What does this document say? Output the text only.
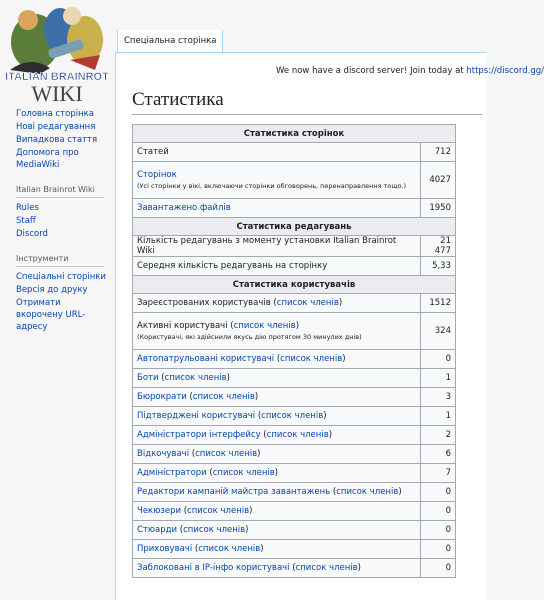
ITALIAN BRAINROT
WIKI
Головна сторінка
Нові редагування
Випадкова стаття
Допомога про MediaWiki
Italian Brainrot Wiki
Rules
Staff
Discord
Інструменти
Спеціальні сторінки
Версія до друку
Отримати вкорочену URL-адресу
Спеціальна сторінка
We now have a discord server! Join today at https://discord.gg/
Статистика
Статистика сторінок	
Статей	712
Сторінок
(Усі сторінки у вікі, включаючи сторінки обговорень, перенаправлення тощо.)	4027
Завантажено файлів	1950
Статистика редагувань	
Кількість редагувань з моменту установки Italian Brainrot Wiki	21 477
Середня кількість редагувань на сторінку	5,33
Статистика користувачів	
Зареєстрованих користувачів (список членів)	1512
Активні користувачі (список членів)
(Користувачі, які здійснили якусь дію протягом 30 минулих днів)	324
Автопатрульовані користувачі (список членів)	0
Боти (список членів)	1
Бюрократи (список членів)	3
Підтверджені користувачі (список членів)	1
Адміністратори інтерфейсу (список членів)	2
Відкочувачі (список членів)	6
Адміністратори (список членів)	7
Редактори кампаній майстра завантажень (список членів)	0
Чекюзери (список членів)	0
Стюарди (список членів)	0
Приховувачі (список членів)	0
Заблоковані в IP-інфо користувачі (список членів)	0
